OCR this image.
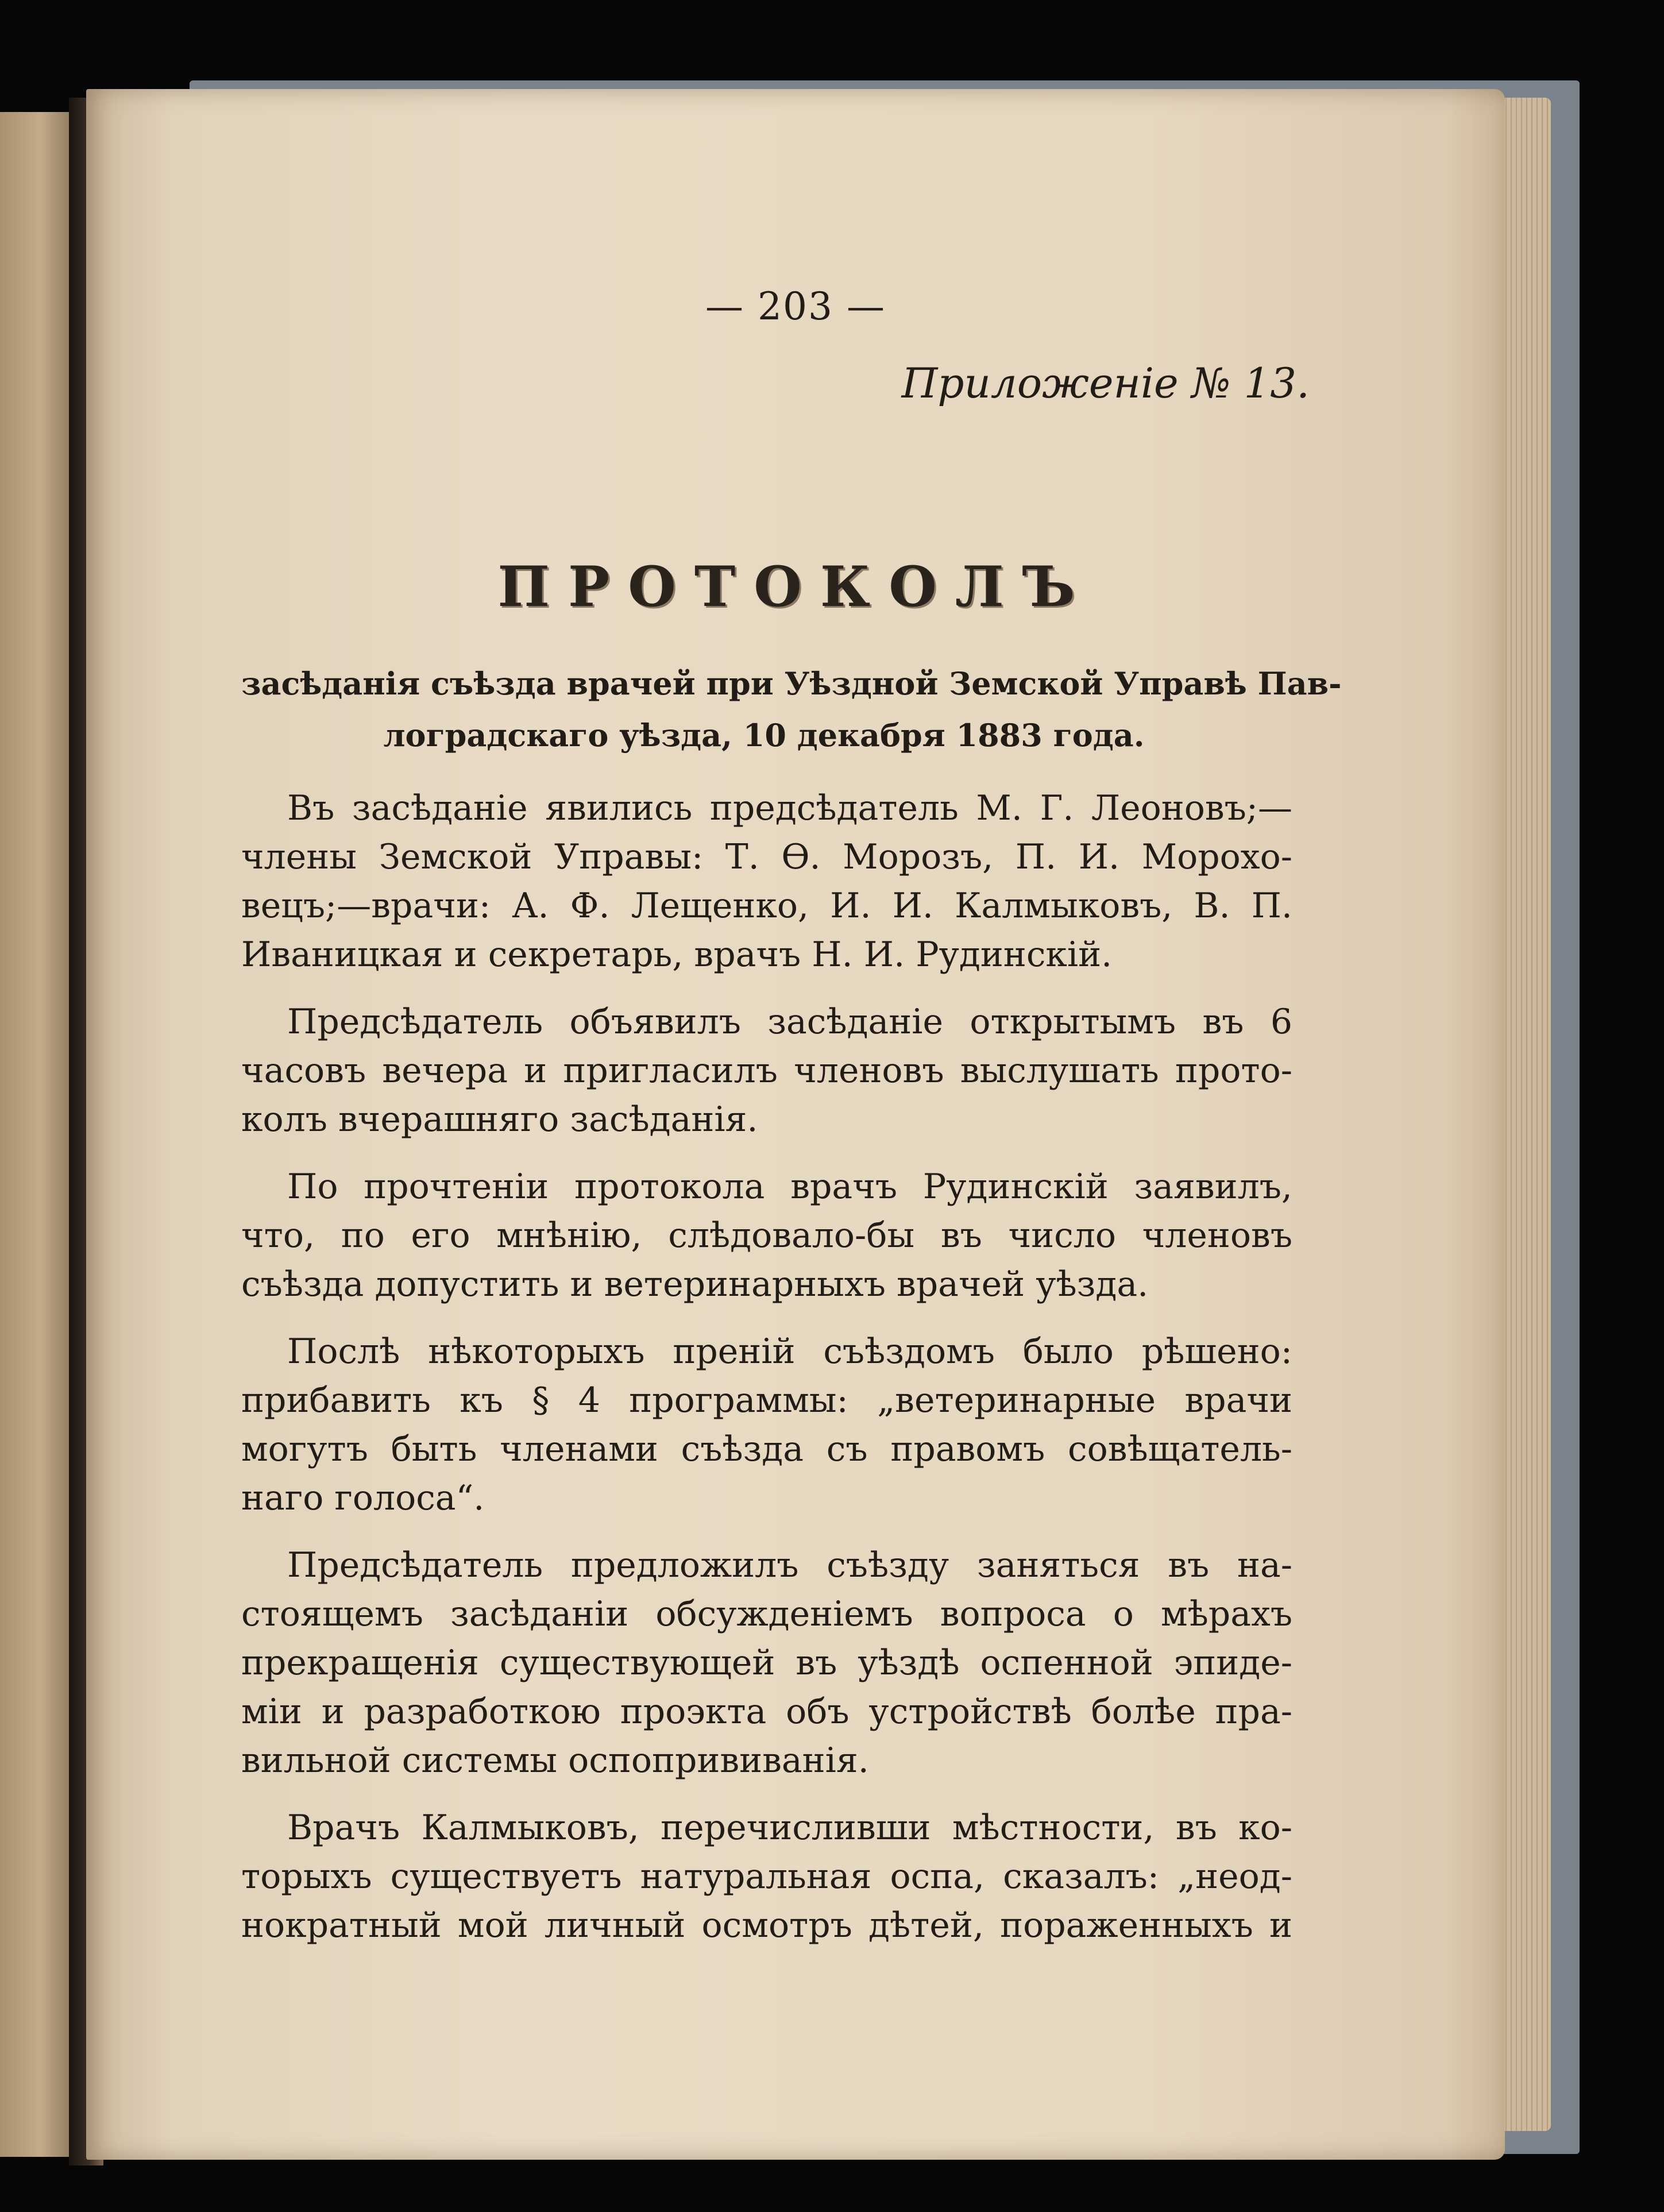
— 203 —
Приложеніе № 13.
ПРОТОКОЛЪ
засѣданія съѣзда врачей при Уѣздной Земской Управѣ Пав-
лоградскаго уѣзда, 10 декабря 1883 года.
Въ засѣданіе явились предсѣдатель М. Г. Леоновъ;—
члены Земской Управы: Т. Ѳ. Морозъ, П. И. Морохо-
вецъ;—врачи: А. Ф. Лещенко, И. И. Калмыковъ, В. П.
Иваницкая и секретарь, врачъ Н. И. Рудинскій.
Предсѣдатель объявилъ засѣданіе открытымъ въ 6
часовъ вечера и пригласилъ членовъ выслушать прото-
колъ вчерашняго засѣданія.
По прочтеніи протокола врачъ Рудинскій заявилъ,
что, по его мнѣнію, слѣдовало-бы въ число членовъ
съѣзда допустить и ветеринарныхъ врачей уѣзда.
Послѣ нѣкоторыхъ преній съѣздомъ было рѣшено:
прибавить къ § 4 программы: „ветеринарные врачи
могутъ быть членами съѣзда съ правомъ совѣщатель-
наго голоса“.
Предсѣдатель предложилъ съѣзду заняться въ на-
стоящемъ засѣданіи обсужденіемъ вопроса о мѣрахъ
прекращенія существующей въ уѣздѣ оспенной эпиде-
міи и разработкою проэкта объ устройствѣ болѣе пра-
вильной системы оспопрививанія.
Врачъ Калмыковъ, перечисливши мѣстности, въ ко-
торыхъ существуетъ натуральная оспа, сказалъ: „неод-
нократный мой личный осмотръ дѣтей, пораженныхъ и
